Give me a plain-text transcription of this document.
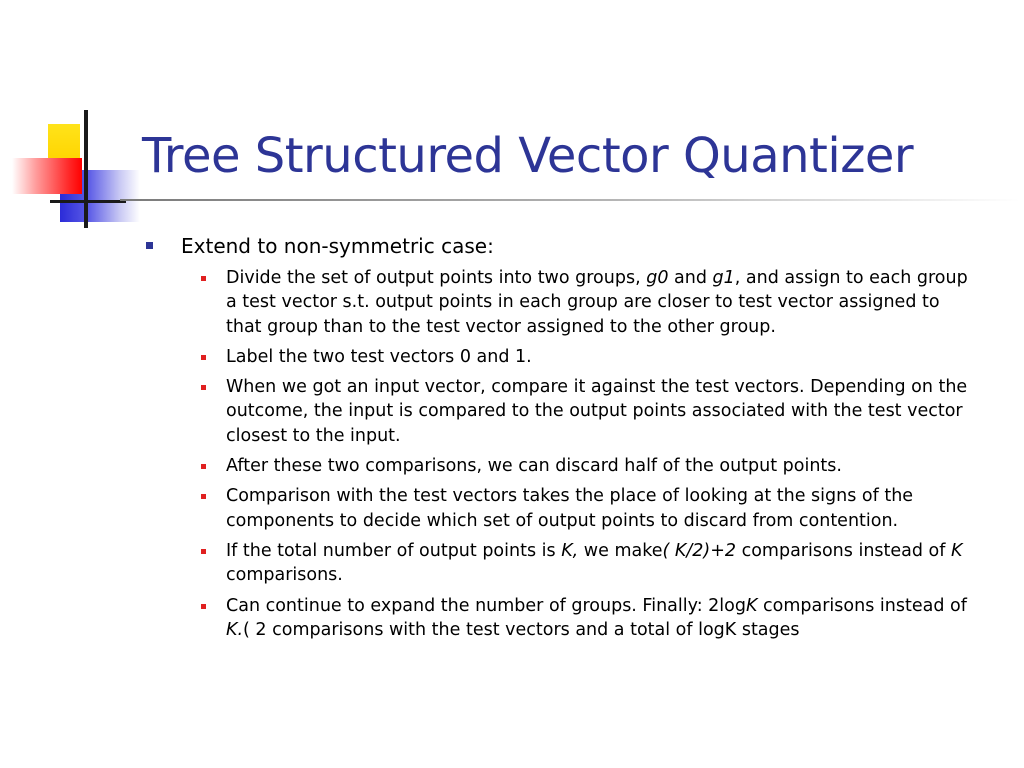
Tree Structured Vector Quantizer
Extend to non-symmetric case:
Divide the set of output points into two groups, g0 and g1, and assign to each group a test vector s.t. output points in each group are closer to test vector assigned to that group than to the test vector assigned to the other group.
Label the two test vectors 0 and 1.
When we got an input vector, compare it against the test vectors. Depending on the outcome, the input is compared to the output points associated with the test vector closest to the input.
After these two comparisons, we can discard half of the output points.
Comparison with the test vectors takes the place of looking at the signs of the components to decide which set of output points to discard from contention.
If the total number of output points is K, we make( K/2)+2 comparisons instead of K comparisons.
Can continue to expand the number of groups. Finally: 2logK comparisons instead of K.( 2 comparisons with the test vectors and a total of logK stages
